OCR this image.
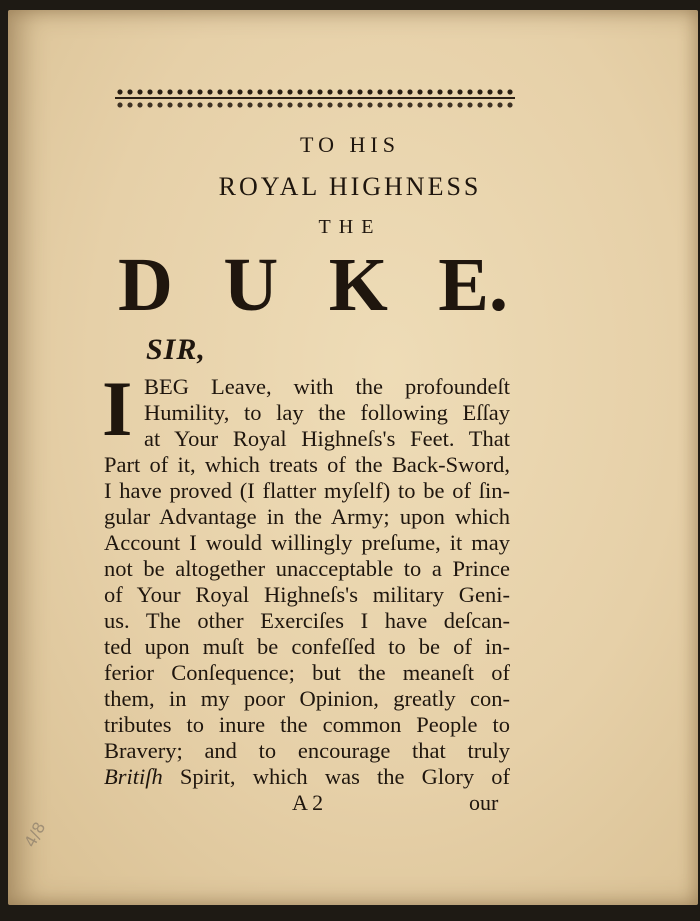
TO HIS
ROYAL HIGHNESS
THE
D U K E.
SIR,
I BEG Leave, with the profoundeſt
Humility, to lay the following Eſſay
at Your Royal Highneſs's Feet. That
Part of it, which treats of the Back-Sword,
I have proved (I flatter myſelf) to be of ſin-
gular Advantage in the Army; upon which
Account I would willingly preſume, it may
not be altogether unacceptable to a Prince
of Your Royal Highneſs's military Geni-
us. The other Exerciſes I have deſcan-
ted upon muſt be confeſſed to be of in-
ferior Conſequence; but the meaneſt of
them, in my poor Opinion, greatly con-
tributes to inure the common People to
Bravery; and to encourage that truly
Britiſh Spirit, which was the Glory of
A 2	our
4/8
